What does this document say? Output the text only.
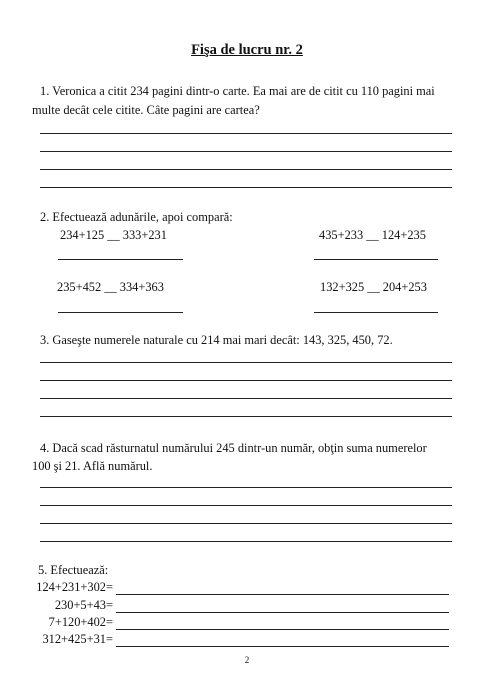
Fişa de lucru nr. 2
1. Veronica a citit 234 pagini dintr-o carte. Ea mai are de citit cu 110 pagini mai
multe decât cele citite. Câte pagini are cartea?
2. Efectuează adunările, apoi compară:
234+125 __ 333+231	435+233 __ 124+235
235+452 __ 334+363	132+325 __ 204+253
3. Gaseşte numerele naturale cu 214 mai mari decât: 143, 325, 450, 72.
4. Dacă scad răsturnatul numărului 245 dintr-un număr, obţin suma numerelor
100 şi 21. Află numărul.
5. Efectuează:
124+231+302=
230+5+43=
7+120+402=
312+425+31=
2
